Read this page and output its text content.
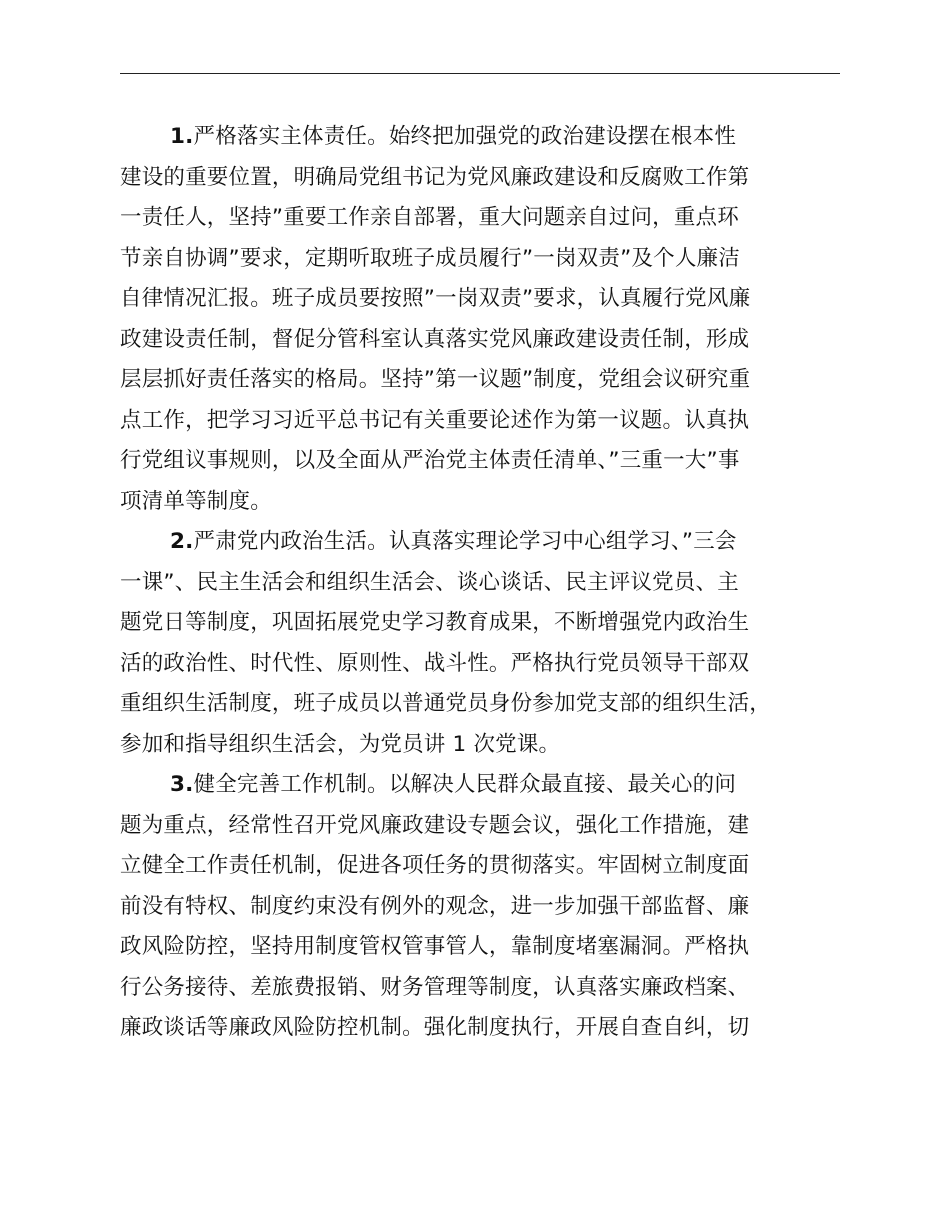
1.严格落实主体责任。始终把加强党的政治建设摆在根本性
建设的重要位置，明确局党组书记为党风廉政建设和反腐败工作第
一责任人，坚持”重要工作亲自部署，重大问题亲自过问，重点环
节亲自协调”要求，定期听取班子成员履行”一岗双责”及个人廉洁
自律情况汇报。班子成员要按照”一岗双责”要求，认真履行党风廉
政建设责任制，督促分管科室认真落实党风廉政建设责任制，形成
层层抓好责任落实的格局。坚持”第一议题”制度，党组会议研究重
点工作，把学习习近平总书记有关重要论述作为第一议题。认真执
行党组议事规则，以及全面从严治党主体责任清单、”三重一大”事
项清单等制度。

2.严肃党内政治生活。认真落实理论学习中心组学习、”三会
一课”、民主生活会和组织生活会、谈心谈话、民主评议党员、主
题党日等制度，巩固拓展党史学习教育成果，不断增强党内政治生
活的政治性、时代性、原则性、战斗性。严格执行党员领导干部双
重组织生活制度，班子成员以普通党员身份参加党支部的组织生活，
参加和指导组织生活会，为党员讲 1 次党课。

3.健全完善工作机制。以解决人民群众最直接、最关心的问
题为重点，经常性召开党风廉政建设专题会议，强化工作措施，建
立健全工作责任机制，促进各项任务的贯彻落实。牢固树立制度面
前没有特权、制度约束没有例外的观念，进一步加强干部监督、廉
政风险防控，坚持用制度管权管事管人，靠制度堵塞漏洞。严格执
行公务接待、差旅费报销、财务管理等制度，认真落实廉政档案、
廉政谈话等廉政风险防控机制。强化制度执行，开展自查自纠，切
